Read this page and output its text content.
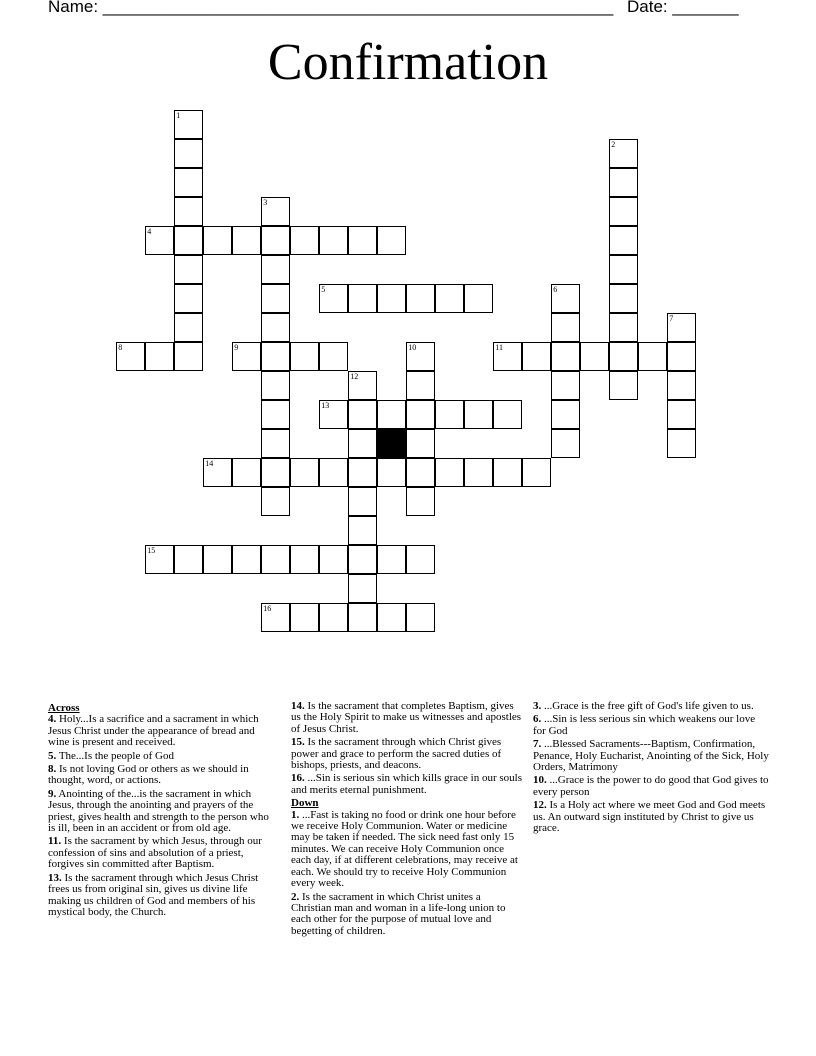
Name: ______________________________________________________ Date: _______
Confirmation
1
2
3
4
5	6
7
8	9	10	11
12
13
14
15
16
Across
4. Holy...Is a sacrifice and a sacrament in which Jesus Christ under the appearance of bread and wine is present and received.
5. The...Is the people of God
8. Is not loving God or others as we should in thought, word, or actions.
9. Anointing of the...is the sacrament in which Jesus, through the anointing and prayers of the priest, gives health and strength to the person who is ill, been in an accident or from old age.
11. Is the sacrament by which Jesus, through our confession of sins and absolution of a priest, forgives sin committed after Baptism.
13. Is the sacrament through which Jesus Christ frees us from original sin, gives us divine life making us children of God and members of his mystical body, the Church.
14. Is the sacrament that completes Baptism, gives us the Holy Spirit to make us witnesses and apostles of Jesus Christ.
15. Is the sacrament through which Christ gives power and grace to perform the sacred duties of bishops, priests, and deacons.
16. ...Sin is serious sin which kills grace in our souls and merits eternal punishment.
Down
1. ...Fast is taking no food or drink one hour before we receive Holy Communion. Water or medicine may be taken if needed. The sick need fast only 15 minutes. We can receive Holy Communion once each day, if at different celebrations, may receive at each. We should try to receive Holy Communion every week.
2. Is the sacrament in which Christ unites a Christian man and woman in a life-long union to each other for the purpose of mutual love and begetting of children.
3. ...Grace is the free gift of God's life given to us.
6. ...Sin is less serious sin which weakens our love for God
7. ...Blessed Sacraments---Baptism, Confirmation, Penance, Holy Eucharist, Anointing of the Sick, Holy Orders, Matrimony
10. ...Grace is the power to do good that God gives to every person
12. Is a Holy act where we meet God and God meets us. An outward sign instituted by Christ to give us grace.
